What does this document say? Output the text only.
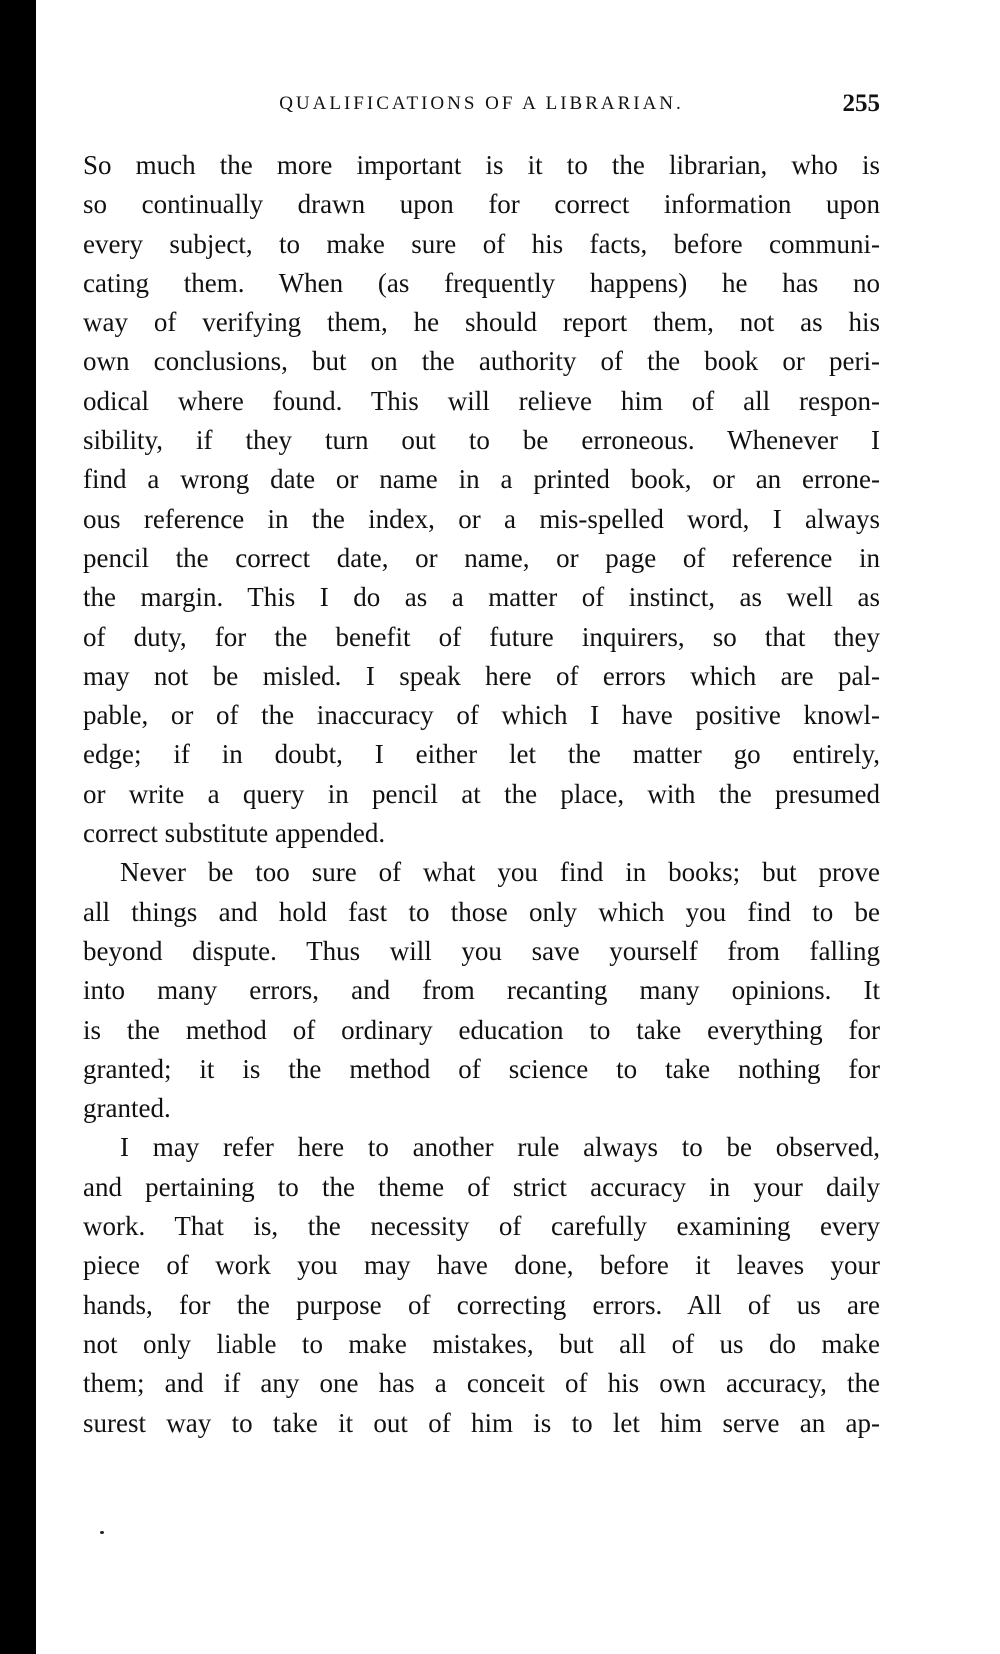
QUALIFICATIONS OF A LIBRARIAN.	255
So much the more important is it to the librarian, who is
so continually drawn upon for correct information upon
every subject, to make sure of his facts, before communi-
cating them. When (as frequently happens) he has no
way of verifying them, he should report them, not as his
own conclusions, but on the authority of the book or peri-
odical where found. This will relieve him of all respon-
sibility, if they turn out to be erroneous. Whenever I
find a wrong date or name in a printed book, or an errone-
ous reference in the index, or a mis-spelled word, I always
pencil the correct date, or name, or page of reference in
the margin. This I do as a matter of instinct, as well as
of duty, for the benefit of future inquirers, so that they
may not be misled. I speak here of errors which are pal-
pable, or of the inaccuracy of which I have positive knowl-
edge; if in doubt, I either let the matter go entirely,
or write a query in pencil at the place, with the presumed
correct substitute appended.
Never be too sure of what you find in books; but prove
all things and hold fast to those only which you find to be
beyond dispute. Thus will you save yourself from falling
into many errors, and from recanting many opinions. It
is the method of ordinary education to take everything for
granted; it is the method of science to take nothing for
granted.
I may refer here to another rule always to be observed,
and pertaining to the theme of strict accuracy in your daily
work. That is, the necessity of carefully examining every
piece of work you may have done, before it leaves your
hands, for the purpose of correcting errors. All of us are
not only liable to make mistakes, but all of us do make
them; and if any one has a conceit of his own accuracy, the
surest way to take it out of him is to let him serve an ap-
